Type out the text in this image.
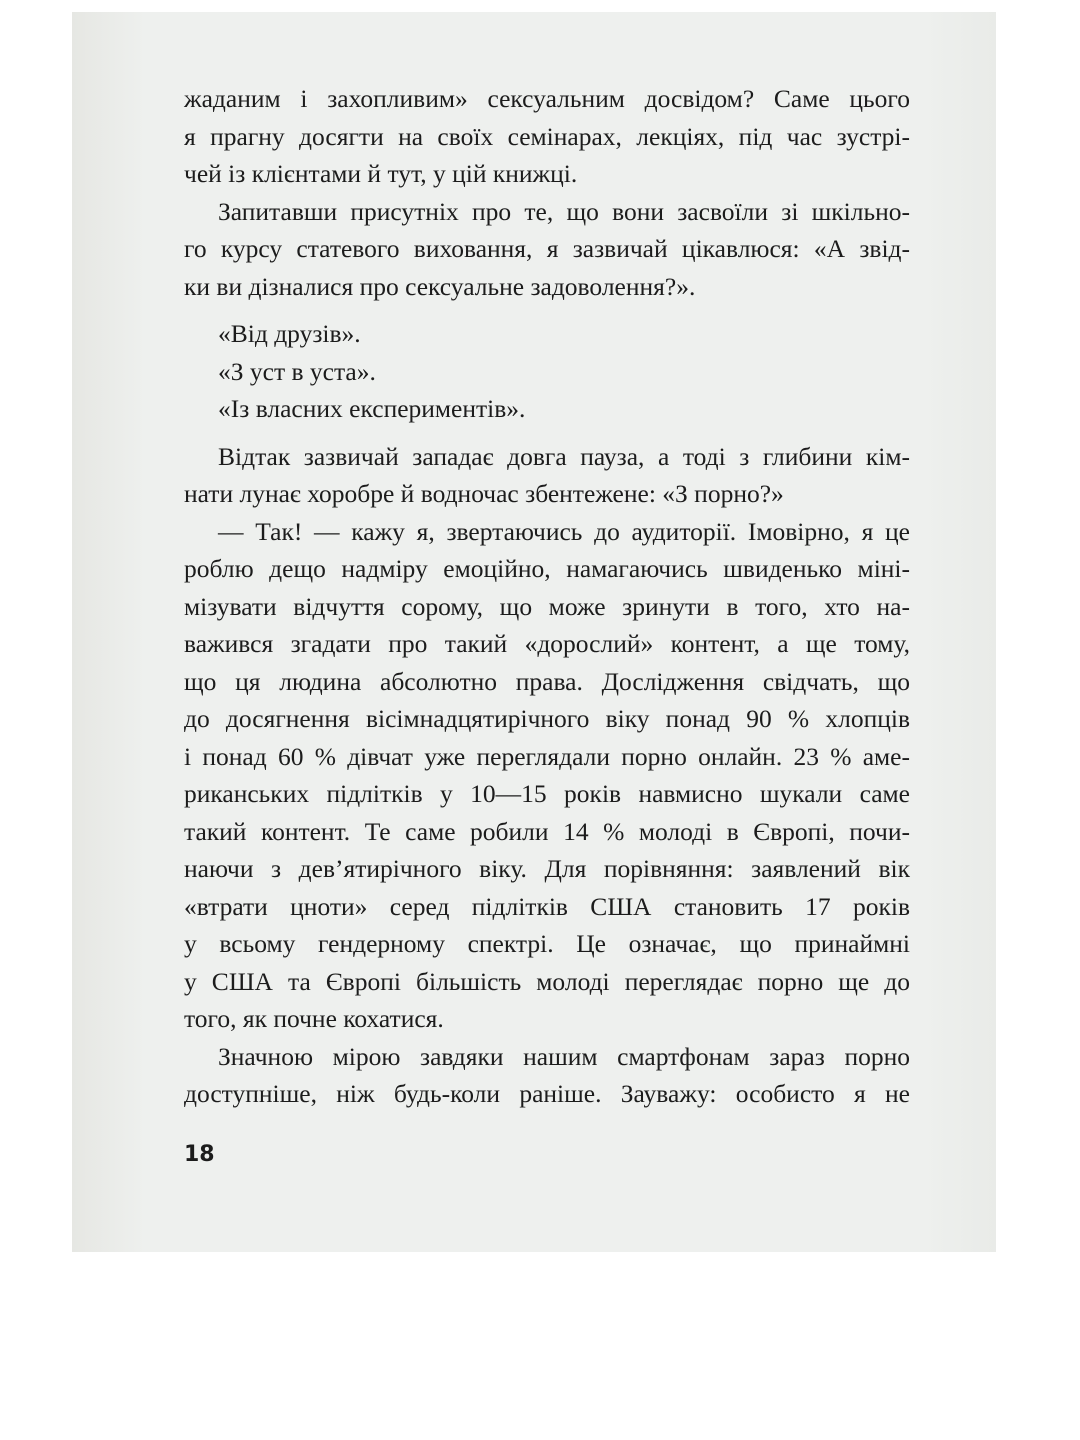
жаданим і захопливим» сексуальним досвідом? Саме цього
я прагну досягти на своїх семінарах, лекціях, під час зустрі-
чей із клієнтами й тут, у цій книжці.
Запитавши присутніх про те, що вони засвоїли зі шкільно-
го курсу статевого виховання, я зазвичай цікавлюся: «А звід-
ки ви дізналися про сексуальне задоволення?».
«Від друзів».
«З уст в уста».
«Із власних експериментів».
Відтак зазвичай западає довга пауза, а тоді з глибини кім-
нати лунає хоробре й водночас збентежене: «З порно?»
— Так! — кажу я, звертаючись до аудиторії. Імовірно, я це
роблю дещо надміру емоційно, намагаючись швиденько міні-
мізувати відчуття сорому, що може зринути в того, хто на-
важився згадати про такий «дорослий» контент, а ще тому,
що ця людина абсолютно права. Дослідження свідчать, що
до досягнення вісімнадцятирічного віку понад 90 % хлопців
і понад 60 % дівчат уже переглядали порно онлайн. 23 % аме-
риканських підлітків у 10—15 років навмисно шукали саме
такий контент. Те саме робили 14 % молоді в Європі, почи-
наючи з дев’ятирічного віку. Для порівняння: заявлений вік
«втрати цноти» серед підлітків США становить 17 років
у всьому гендерному спектрі. Це означає, що принаймні
у США та Європі більшість молоді переглядає порно ще до
того, як почне кохатися.
Значною мірою завдяки нашим смартфонам зараз порно
доступніше, ніж будь-коли раніше. Зауважу: особисто я не
18
